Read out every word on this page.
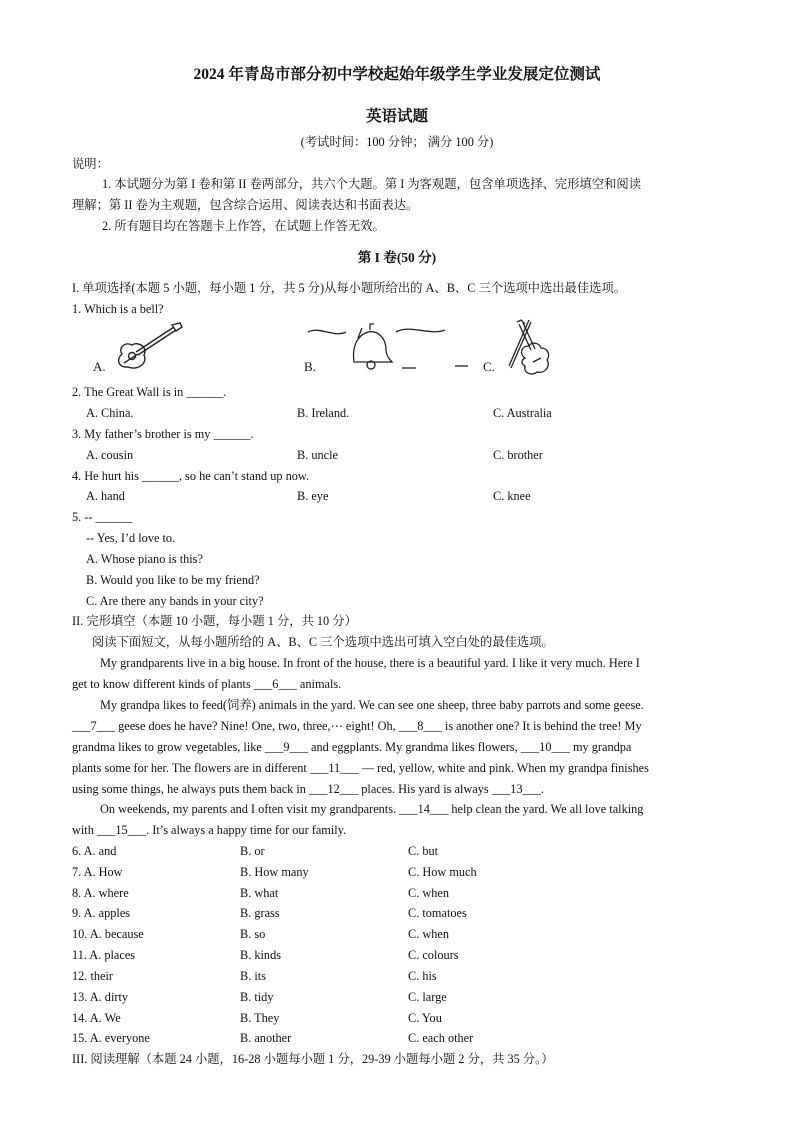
2024 年青岛市部分初中学校起始年级学生学业发展定位测试
英语试题
(考试时间：100 分钟； 满分 100 分)
说明：
1. 本试题分为第 I 卷和第 II 卷两部分，共六个大题。第 I 为客观题，包含单项选择、完形填空和阅读
理解；第 II 卷为主观题，包含综合运用、阅读表达和书面表达。
2. 所有题目均在答题卡上作答，在试题上作答无效。
第 I 卷(50 分)
I. 单项选择(本题 5 小题，每小题 1 分，共 5 分)从每小题所给出的 A、B、C 三个选项中选出最佳选项。
1. Which is a bell?
A.	B.	C.
2. The Great Wall is in ______.
A. China.	B. Ireland.	C. Australia
3. My father’s brother is my ______.
A. cousin	B. uncle	C. brother
4. He hurt his ______, so he can’t stand up now.
A. hand	B. eye	C. knee
5. -- ______
-- Yes, I’d love to.
A. Whose piano is this?
B. Would you like to be my friend?
C. Are there any bands in your city?
II. 完形填空（本题 10 小题，每小题 1 分，共 10 分）
阅读下面短文，从每小题所给的 A、B、C 三个选项中选出可填入空白处的最佳选项。
My grandparents live in a big house. In front of the house, there is a beautiful yard. I like it very much. Here I
get to know different kinds of plants ___6___ animals.
My grandpa likes to feed(饲养) animals in the yard. We can see one sheep, three baby parrots and some geese.
___7___ geese does he have? Nine! One, two, three,⋯ eight! Oh, ___8___ is another one? It is behind the tree! My
grandma likes to grow vegetables, like ___9___ and eggplants. My grandma likes flowers, ___10___ my grandpa
plants some for her. The flowers are in different ___11___ — red, yellow, white and pink. When my grandpa finishes
using some things, he always puts them back in ___12___ places. His yard is always ___13___.
On weekends, my parents and I often visit my grandparents. ___14___ help clean the yard. We all love talking
with ___15___. It’s always a happy time for our family.
6. A. and	B. or	C. but
7. A. How	B. How many	C. How much
8. A. where	B. what	C. when
9. A. apples	B. grass	C. tomatoes
10. A. because	B. so	C. when
11. A. places	B. kinds	C. colours
12. their	B. its	C. his
13. A. dirty	B. tidy	C. large
14. A. We	B. They	C. You
15. A. everyone	B. another	C. each other
III. 阅读理解（本题 24 小题，16-28 小题每小题 1 分，29-39 小题每小题 2 分，共 35 分。）
